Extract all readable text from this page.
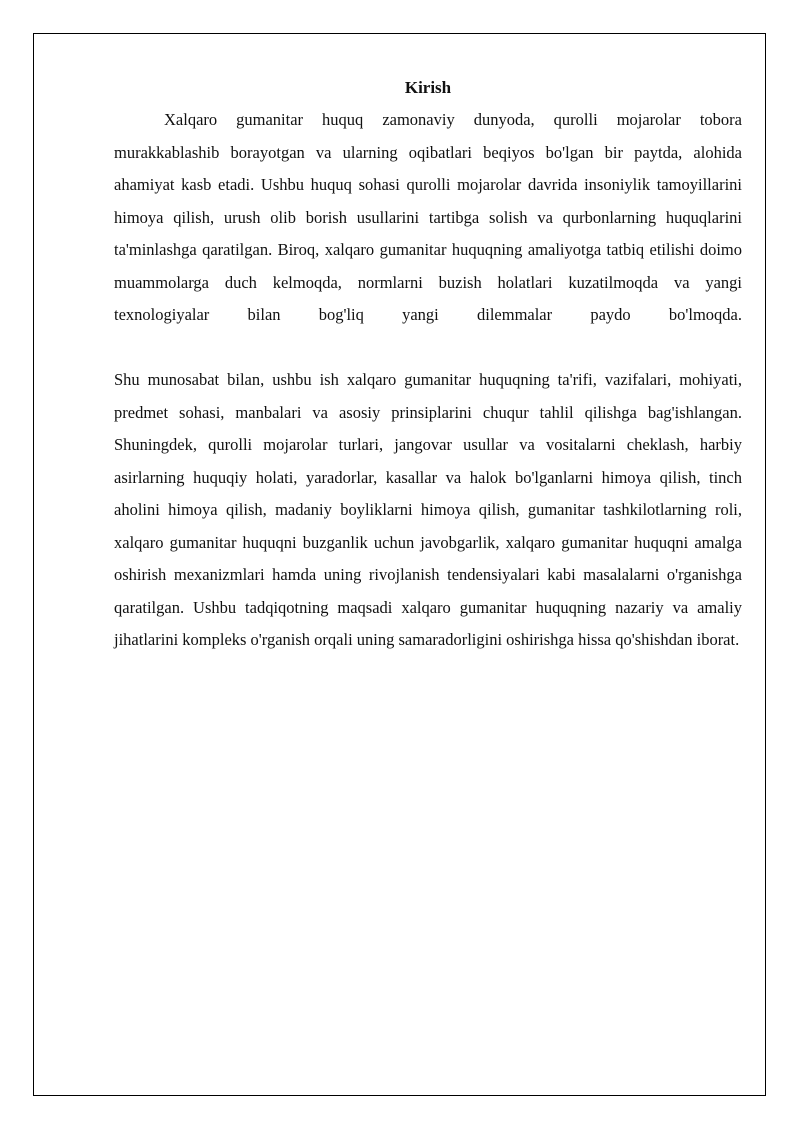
Kirish

Xalqaro gumanitar huquq zamonaviy dunyoda, qurolli mojarolar tobora murakkablashib borayotgan va ularning oqibatlari beqiyos bo'lgan bir paytda, alohida ahamiyat kasb etadi. Ushbu huquq sohasi qurolli mojarolar davrida insoniylik tamoyillarini himoya qilish, urush olib borish usullarini tartibga solish va qurbonlarning huquqlarini ta'minlashga qaratilgan. Biroq, xalqaro gumanitar huquqning amaliyotga tatbiq etilishi doimo muammolarga duch kelmoqda, normlarni buzish holatlari kuzatilmoqda va yangi texnologiyalar bilan bog'liq yangi dilemmalar paydo bo'lmoqda.

Shu munosabat bilan, ushbu ish xalqaro gumanitar huquqning ta'rifi, vazifalari, mohiyati, predmet sohasi, manbalari va asosiy prinsiplarini chuqur tahlil qilishga bag'ishlangan. Shuningdek, qurolli mojarolar turlari, jangovar usullar va vositalarni cheklash, harbiy asirlarning huquqiy holati, yaradorlar, kasallar va halok bo'lganlarni himoya qilish, tinch aholini himoya qilish, madaniy boyliklarni himoya qilish, gumanitar tashkilotlarning roli, xalqaro gumanitar huquqni buzganlik uchun javobgarlik, xalqaro gumanitar huquqni amalga oshirish mexanizmlari hamda uning rivojlanish tendensiyalari kabi masalalarni o'rganishga qaratilgan. Ushbu tadqiqotning maqsadi xalqaro gumanitar huquqning nazariy va amaliy jihatlarini kompleks o'rganish orqali uning samaradorligini oshirishga hissa qo'shishdan iborat.
